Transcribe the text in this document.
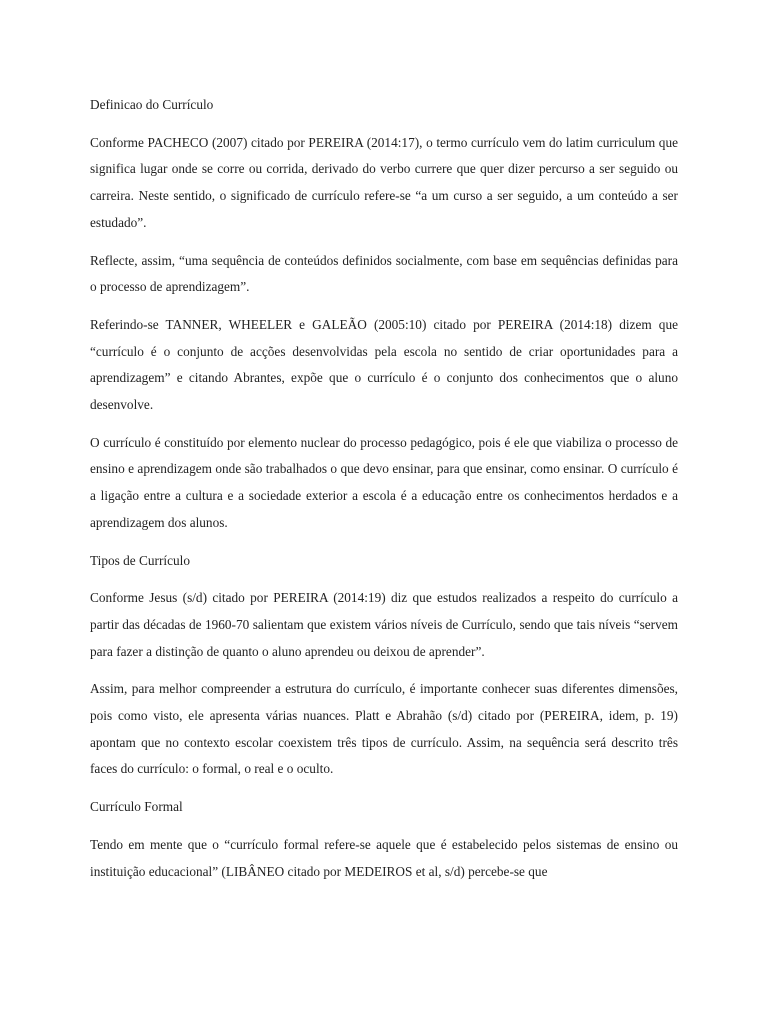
Definicao do Currículo
Conforme PACHECO (2007) citado por PEREIRA (2014:17), o termo currículo vem do latim curriculum que significa lugar onde se corre ou corrida, derivado do verbo currere que quer dizer percurso a ser seguido ou carreira. Neste sentido, o significado de currículo refere-se “a um curso a ser seguido, a um conteúdo a ser estudado”.
Reflecte, assim, “uma sequência de conteúdos definidos socialmente, com base em sequências definidas para o processo de aprendizagem”.
Referindo-se TANNER, WHEELER e GALEÃO (2005:10) citado por PEREIRA (2014:18) dizem que “currículo é o conjunto de acções desenvolvidas pela escola no sentido de criar oportunidades para a aprendizagem” e citando Abrantes, expõe que o currículo é o conjunto dos conhecimentos que o aluno desenvolve.
O currículo é constituído por elemento nuclear do processo pedagógico, pois é ele que viabiliza o processo de ensino e aprendizagem onde são trabalhados o que devo ensinar, para que ensinar, como ensinar. O currículo é a ligação entre a cultura e a sociedade exterior a escola é a educação entre os conhecimentos herdados e a aprendizagem dos alunos.
Tipos de Currículo
Conforme Jesus (s/d) citado por PEREIRA (2014:19) diz que estudos realizados a respeito do currículo a partir das décadas de 1960-70 salientam que existem vários níveis de Currículo, sendo que tais níveis “servem para fazer a distinção de quanto o aluno aprendeu ou deixou de aprender”.
Assim, para melhor compreender a estrutura do currículo, é importante conhecer suas diferentes dimensões, pois como visto, ele apresenta várias nuances. Platt e Abrahão (s/d) citado por (PEREIRA, idem, p. 19) apontam que no contexto escolar coexistem três tipos de currículo. Assim, na sequência será descrito três faces do currículo: o formal, o real e o oculto.
Currículo Formal
Tendo em mente que o “currículo formal refere-se aquele que é estabelecido pelos sistemas de ensino ou instituição educacional” (LIBÂNEO citado por MEDEIROS et al, s/d) percebe-se que
